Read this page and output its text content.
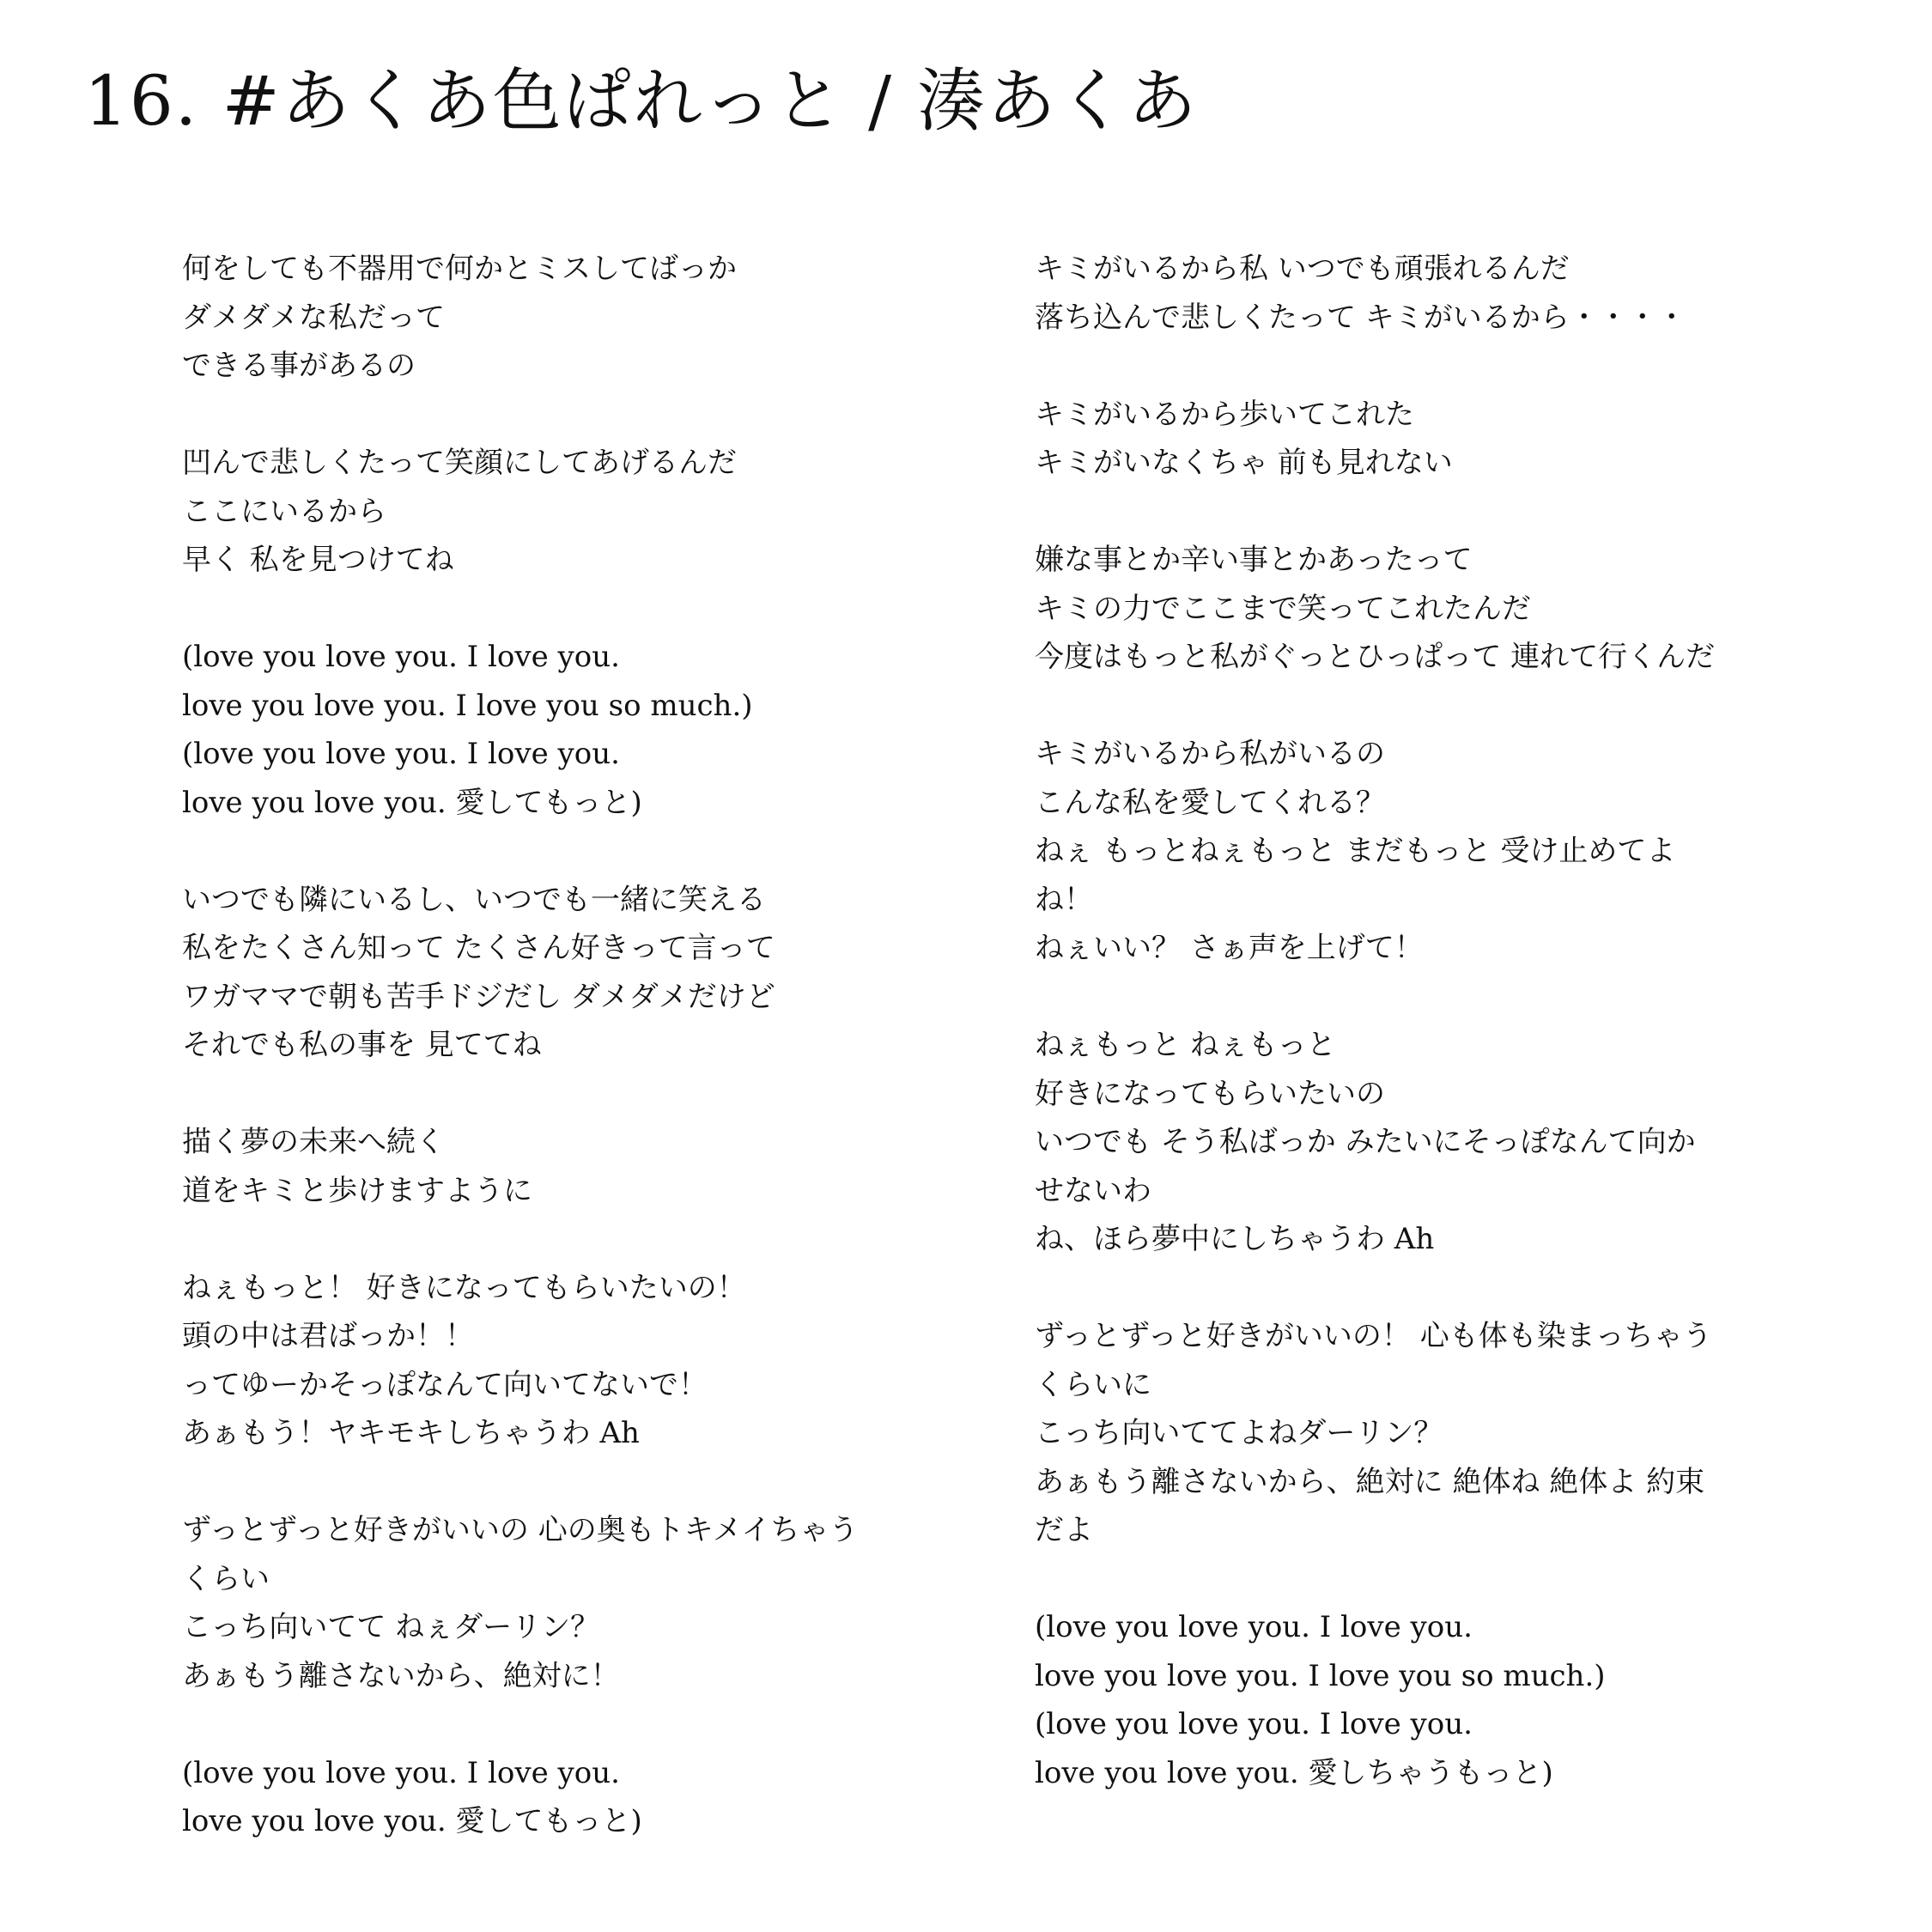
16. #あくあ色ぱれっと / 湊あくあ
何をしても不器用で何かとミスしてばっか
ダメダメな私だって
できる事があるの
凹んで悲しくたって笑顔にしてあげるんだ
ここにいるから
早く 私を見つけてね
(love you love you. I love you.
love you love you. I love you so much.)
(love you love you. I love you.
love you love you. 愛してもっと)
いつでも隣にいるし、いつでも一緒に笑える
私をたくさん知って たくさん好きって言って
ワガママで朝も苦手ドジだし ダメダメだけど
それでも私の事を 見ててね
描く夢の未来へ続く
道をキミと歩けますように
ねぇもっと！ 好きになってもらいたいの！
頭の中は君ばっか！！
ってゆーかそっぽなんて向いてないで！
あぁもう！ヤキモキしちゃうわ Ah
ずっとずっと好きがいいの 心の奥もトキメイちゃう
くらい
こっち向いてて ねぇダーリン？
あぁもう離さないから、絶対に！
(love you love you. I love you.
love you love you. 愛してもっと)
キミがいるから私 いつでも頑張れるんだ
落ち込んで悲しくたって キミがいるから・・・・
キミがいるから歩いてこれた
キミがいなくちゃ 前も見れない
嫌な事とか辛い事とかあったって
キミの力でここまで笑ってこれたんだ
今度はもっと私がぐっとひっぱって 連れて行くんだ
キミがいるから私がいるの
こんな私を愛してくれる？
ねぇ もっとねぇもっと まだもっと 受け止めてよ
ね！
ねぇいい？ さぁ声を上げて！
ねぇもっと ねぇもっと
好きになってもらいたいの
いつでも そう私ばっか みたいにそっぽなんて向か
せないわ
ね、ほら夢中にしちゃうわ Ah
ずっとずっと好きがいいの！ 心も体も染まっちゃう
くらいに
こっち向いててよねダーリン？
あぁもう離さないから、絶対に 絶体ね 絶体よ 約束
だよ
(love you love you. I love you.
love you love you. I love you so much.)
(love you love you. I love you.
love you love you. 愛しちゃうもっと)
